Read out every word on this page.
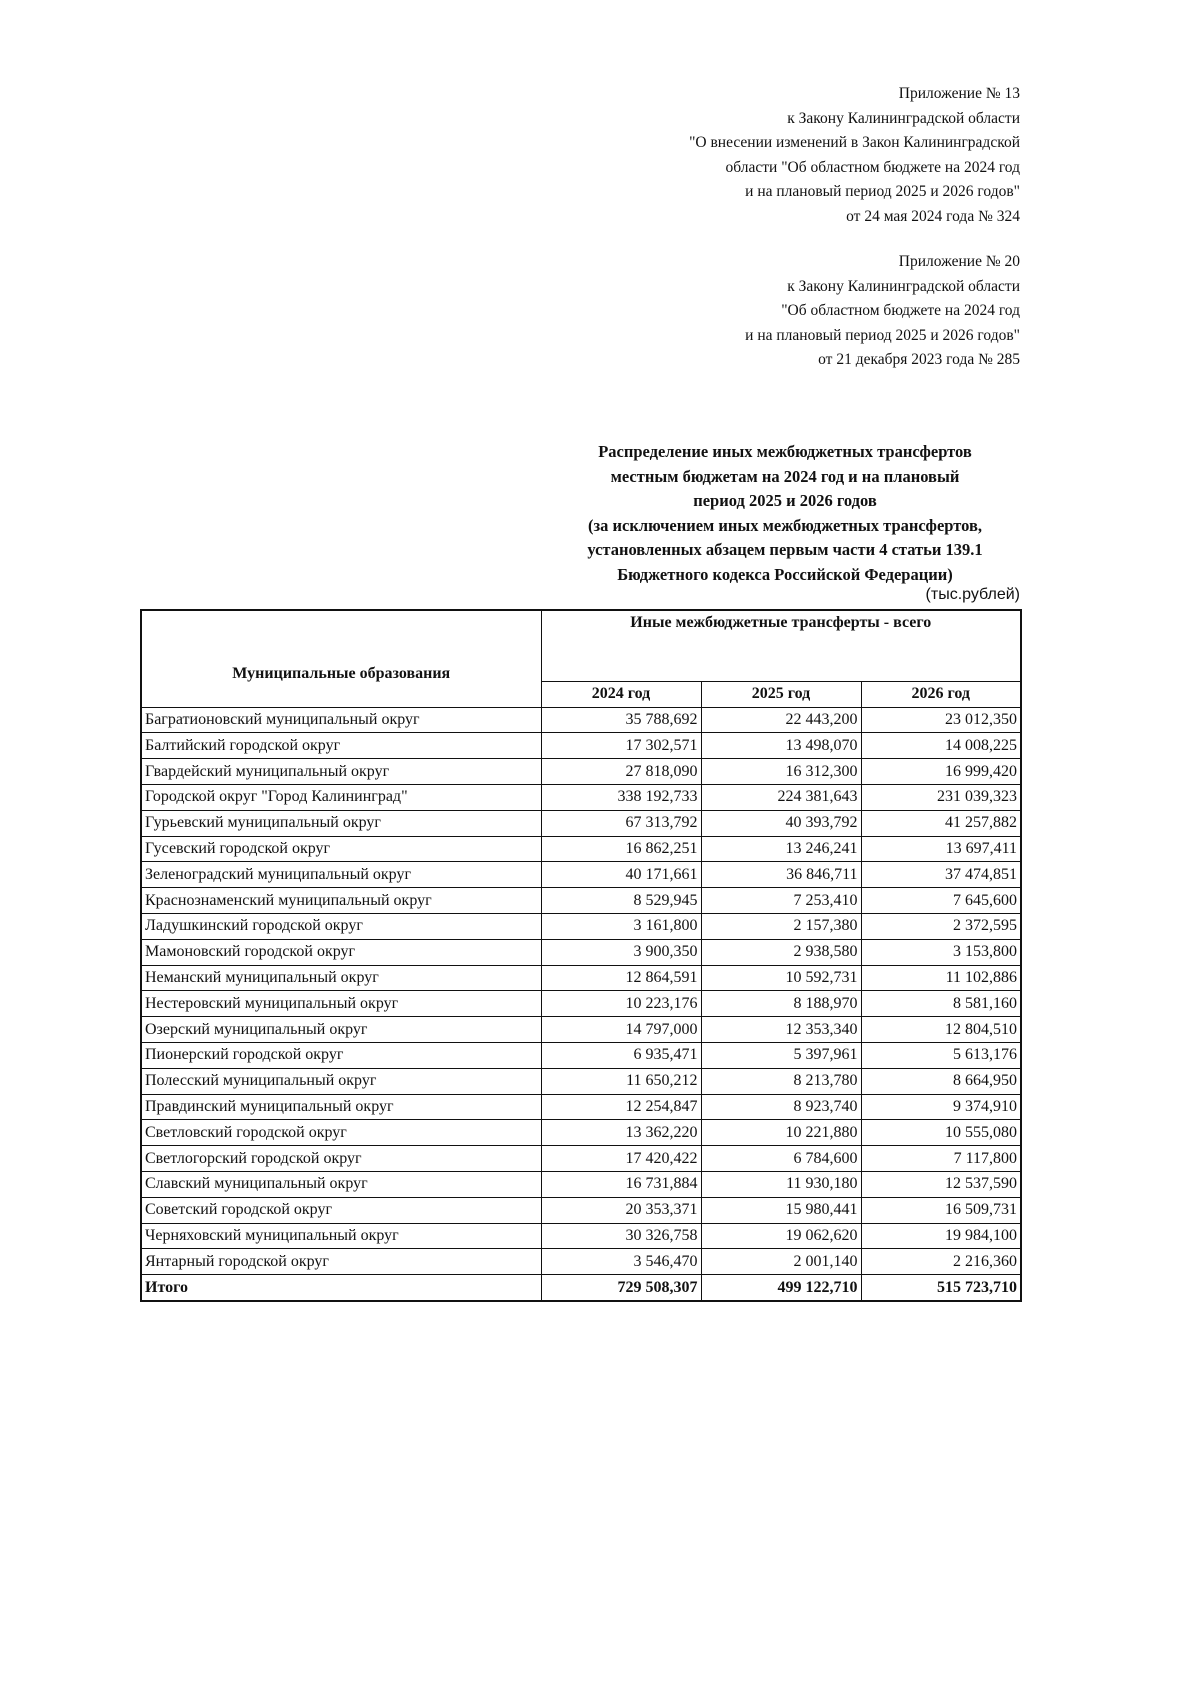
Приложение № 13
к Закону Калининградской области
"О внесении изменений в Закон Калининградской
области "Об областном бюджете на 2024 год
и на плановый период 2025 и 2026 годов"
от 24 мая 2024 года № 324
Приложение № 20
к Закону Калининградской области
"Об областном бюджете на 2024 год
и на плановый период 2025 и 2026 годов"
от 21 декабря 2023 года № 285
Распределение иных межбюджетных трансфертов
местным бюджетам на 2024 год и на плановый
период 2025 и 2026 годов
(за исключением иных межбюджетных трансфертов,
установленных абзацем первым части 4 статьи 139.1
Бюджетного кодекса Российской Федерации)
(тыс.рублей)
Муниципальные образования	Иные межбюджетные трансферты - всего		
	2024 год	2025 год	2026 год
Багратионовский муниципальный округ	35 788,692	22 443,200	23 012,350
Балтийский городской округ	17 302,571	13 498,070	14 008,225
Гвардейский муниципальный округ	27 818,090	16 312,300	16 999,420
Городской округ "Город Калининград"	338 192,733	224 381,643	231 039,323
Гурьевский муниципальный округ	67 313,792	40 393,792	41 257,882
Гусевский городской округ	16 862,251	13 246,241	13 697,411
Зеленоградский муниципальный округ	40 171,661	36 846,711	37 474,851
Краснознаменский муниципальный округ	8 529,945	7 253,410	7 645,600
Ладушкинский городской округ	3 161,800	2 157,380	2 372,595
Мамоновский городской округ	3 900,350	2 938,580	3 153,800
Неманский муниципальный округ	12 864,591	10 592,731	11 102,886
Нестеровский муниципальный округ	10 223,176	8 188,970	8 581,160
Озерский муниципальный округ	14 797,000	12 353,340	12 804,510
Пионерский городской округ	6 935,471	5 397,961	5 613,176
Полесский муниципальный округ	11 650,212	8 213,780	8 664,950
Правдинский муниципальный округ	12 254,847	8 923,740	9 374,910
Светловский городской округ	13 362,220	10 221,880	10 555,080
Светлогорский городской округ	17 420,422	6 784,600	7 117,800
Славский муниципальный округ	16 731,884	11 930,180	12 537,590
Советский городской округ	20 353,371	15 980,441	16 509,731
Черняховский муниципальный округ	30 326,758	19 062,620	19 984,100
Янтарный городской округ	3 546,470	2 001,140	2 216,360
Итого	729 508,307	499 122,710	515 723,710
